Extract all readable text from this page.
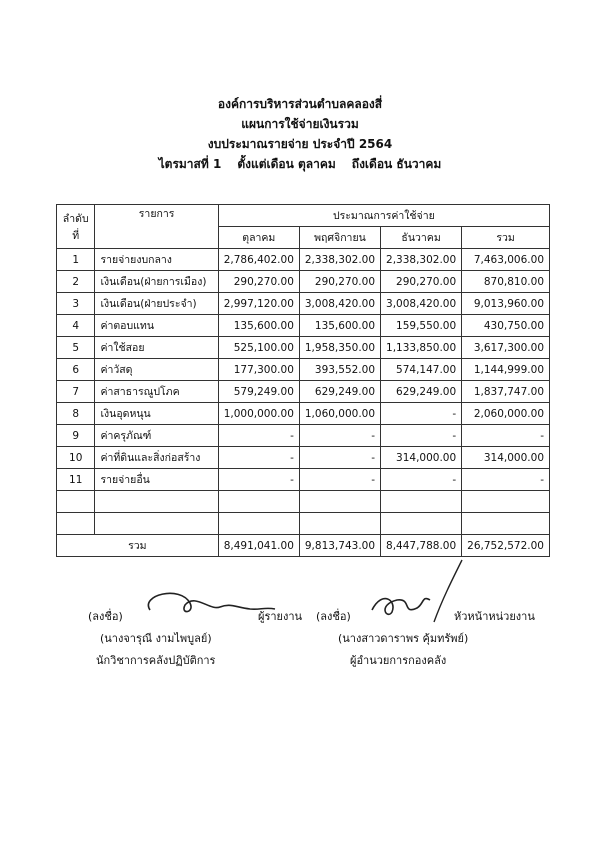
องค์การบริหารส่วนตำบลคลองสี่
แผนการใช้จ่ายเงินรวม
งบประมาณรายจ่าย ประจำปี 2564
ไตรมาสที่ 1 ตั้งแต่เดือน ตุลาคม ถึงเดือน ธันวาคม
ลำดับ
ที่	รายการ	ประมาณการค่าใช้จ่าย			
		ตุลาคม	พฤศจิกายน	ธันวาคม	รวม
1	รายจ่ายงบกลาง	2,786,402.00	2,338,302.00	2,338,302.00	7,463,006.00
2	เงินเดือน(ฝ่ายการเมือง)	290,270.00	290,270.00	290,270.00	870,810.00
3	เงินเดือน(ฝ่ายประจำ)	2,997,120.00	3,008,420.00	3,008,420.00	9,013,960.00
4	ค่าตอบแทน	135,600.00	135,600.00	159,550.00	430,750.00
5	ค่าใช้สอย	525,100.00	1,958,350.00	1,133,850.00	3,617,300.00
6	ค่าวัสดุ	177,300.00	393,552.00	574,147.00	1,144,999.00
7	ค่าสาธารณูปโภค	579,249.00	629,249.00	629,249.00	1,837,747.00
8	เงินอุดหนุน	1,000,000.00	1,060,000.00	-	2,060,000.00
9	ค่าครุภัณฑ์	-	-	-	-
10	ค่าที่ดินและสิ่งก่อสร้าง	-	-	314,000.00	314,000.00
11	รายจ่ายอื่น	-	-	-	-

รวม		8,491,041.00	9,813,743.00	8,447,788.00	26,752,572.00
(ลงชื่อ)	ผู้รายงาน
(นางจารุณี งามไพบูลย์)
นักวิชาการคลังปฏิบัติการ
(ลงชื่อ)	หัวหน้าหน่วยงาน
(นางสาวดาราพร คุ้มทรัพย์)
ผู้อำนวยการกองคลัง
